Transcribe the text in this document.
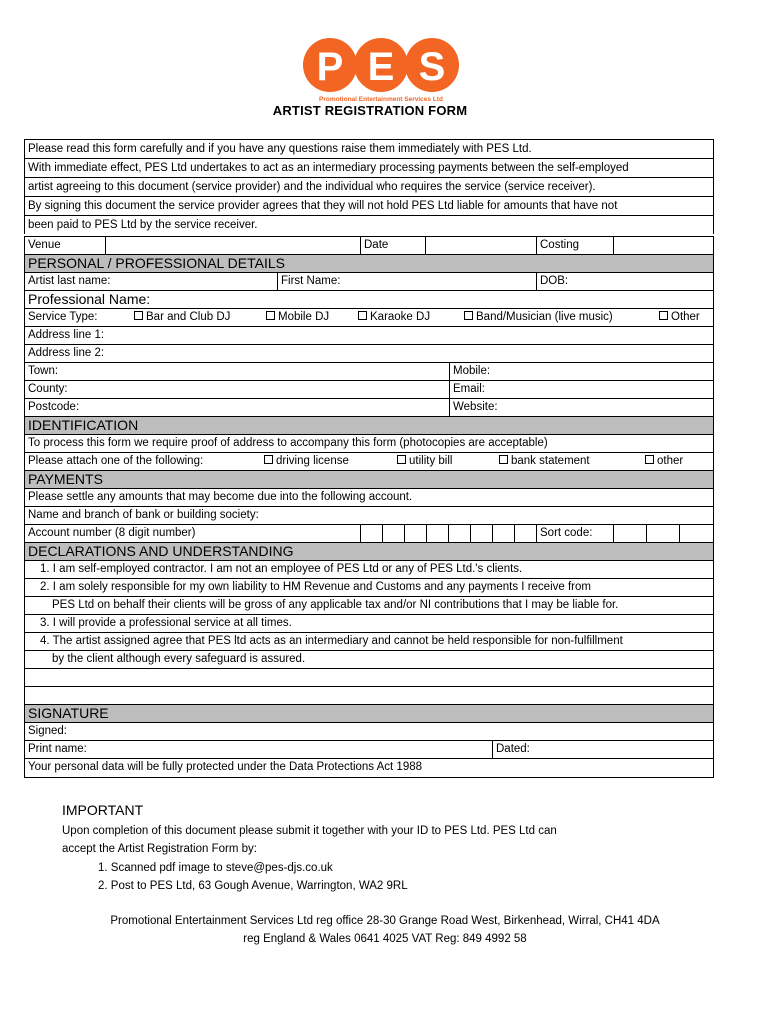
P E S
Promotional Entertainment Services Ltd
ARTIST REGISTRATION FORM
Please read this form carefully and if you have any questions raise them immediately with PES Ltd.
With immediate effect, PES Ltd undertakes to act as an intermediary processing payments between the self-employed
artist agreeing to this document (service provider) and the individual who requires the service (service receiver).
By signing this document the service provider agrees that they will not hold PES Ltd liable for amounts that have not
been paid to PES Ltd by the service receiver.
Venue	Date	Costing
PERSONAL / PROFESSIONAL DETAILS
Artist last name:	First Name:	DOB:
Professional Name:
Service Type:	Bar and Club DJ	Mobile DJ	Karaoke DJ	Band/Musician (live music)	Other
Address line 1:
Address line 2:
Town:	Mobile:
County:	Email:
Postcode:	Website:
IDENTIFICATION
To process this form we require proof of address to accompany this form (photocopies are acceptable)
Please attach one of the following:	driving license	utility bill	bank statement	other
PAYMENTS
Please settle any amounts that may become due into the following account.
Name and branch of bank or building society:
Account number (8 digit number)	Sort code:
DECLARATIONS AND UNDERSTANDING
1. I am self-employed contractor. I am not an employee of PES Ltd or any of PES Ltd.'s clients.
2. I am solely responsible for my own liability to HM Revenue and Customs and any payments I receive from
PES Ltd on behalf their clients will be gross of any applicable tax and/or NI contributions that I may be liable for.
3. I will provide a professional service at all times.
4. The artist assigned agree that PES ltd acts as an intermediary and cannot be held responsible for non-fulfillment
by the client although every safeguard is assured.
SIGNATURE
Signed:
Print name:	Dated:
Your personal data will be fully protected under the Data Protections Act 1988
IMPORTANT
Upon completion of this document please submit it together with your ID to PES Ltd. PES Ltd can
accept the Artist Registration Form by:
1. Scanned pdf image to steve@pes-djs.co.uk
2. Post to PES Ltd, 63 Gough Avenue, Warrington, WA2 9RL
Promotional Entertainment Services Ltd reg office 28-30 Grange Road West, Birkenhead, Wirral, CH41 4DA
reg England & Wales 0641 4025 VAT Reg: 849 4992 58
